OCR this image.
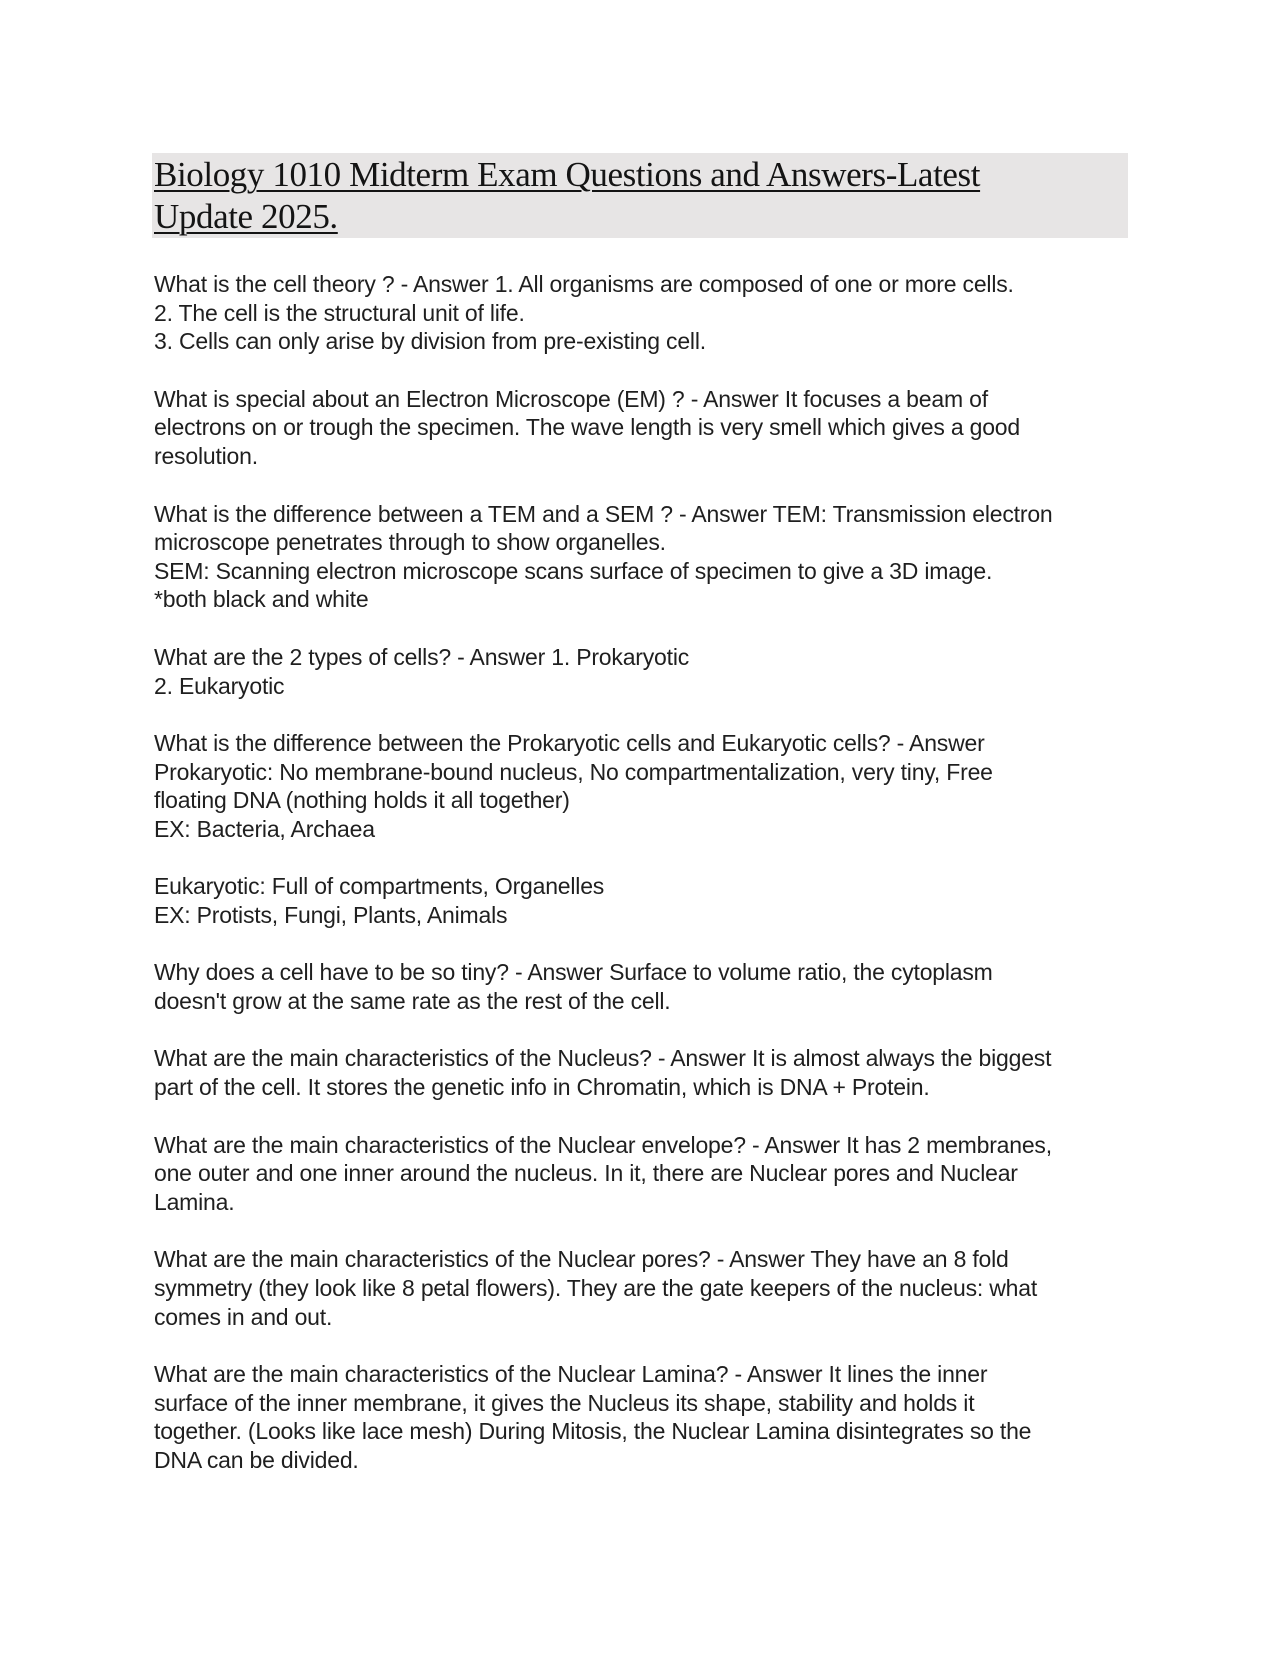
Biology 1010 Midterm Exam Questions and Answers-Latest
Update 2025.

What is the cell theory ? - Answer 1. All organisms are composed of one or more cells.
2. The cell is the structural unit of life.
3. Cells can only arise by division from pre-existing cell.

What is special about an Electron Microscope (EM) ? - Answer It focuses a beam of
electrons on or trough the specimen. The wave length is very smell which gives a good
resolution.

What is the difference between a TEM and a SEM ? - Answer TEM: Transmission electron
microscope penetrates through to show organelles.
SEM: Scanning electron microscope scans surface of specimen to give a 3D image.
*both black and white

What are the 2 types of cells? - Answer 1. Prokaryotic
2. Eukaryotic

What is the difference between the Prokaryotic cells and Eukaryotic cells? - Answer
Prokaryotic: No membrane-bound nucleus, No compartmentalization, very tiny, Free
floating DNA (nothing holds it all together)
EX: Bacteria, Archaea
Eukaryotic: Full of compartments, Organelles
EX: Protists, Fungi, Plants, Animals

Why does a cell have to be so tiny? - Answer Surface to volume ratio, the cytoplasm
doesn't grow at the same rate as the rest of the cell.

What are the main characteristics of the Nucleus? - Answer It is almost always the biggest
part of the cell. It stores the genetic info in Chromatin, which is DNA + Protein.

What are the main characteristics of the Nuclear envelope? - Answer It has 2 membranes,
one outer and one inner around the nucleus. In it, there are Nuclear pores and Nuclear
Lamina.

What are the main characteristics of the Nuclear pores? - Answer They have an 8 fold
symmetry (they look like 8 petal flowers). They are the gate keepers of the nucleus: what
comes in and out.

What are the main characteristics of the Nuclear Lamina? - Answer It lines the inner
surface of the inner membrane, it gives the Nucleus its shape, stability and holds it
together. (Looks like lace mesh) During Mitosis, the Nuclear Lamina disintegrates so the
DNA can be divided.
